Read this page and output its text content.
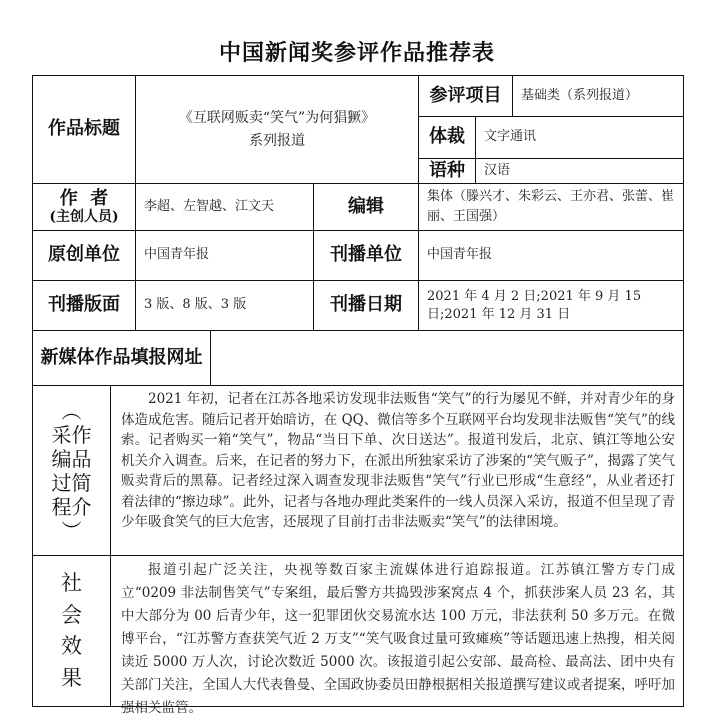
中国新闻奖参评作品推荐表
作品标题
《互联网贩卖“笑气”为何猖獗》
系列报道
参评项目	基础类（系列报道）
体裁	文字通讯
语种	汉语
作  者
(主创人员)
李超、左智越、江文天	编辑	集体（滕兴才、朱彩云、王亦君、张蕾、崔丽、王国强）
原创单位	中国青年报	刊播单位	中国青年报
刊播版面	3 版、8 版、3 版	刊播日期	2021 年 4 月 2 日;2021 年 9 月 15 日;2021 年 12 月 31 日
新媒体作品填报网址
︵
采作
编品
过简
程介
︶
2021 年初，记者在江苏各地采访发现非法贩售“笑气”的行为屡见不鲜，并对青少年的身体造成危害。随后记者开始暗访，在 QQ、微信等多个互联网平台均发现非法贩售“笑气”的线索。记者购买一箱“笑气”，物品“当日下单、次日送达”。报道刊发后，北京、镇江等地公安机关介入调查。后来，在记者的努力下，在派出所独家采访了涉案的“笑气贩子”，揭露了笑气贩卖背后的黑幕。记者经过深入调查发现非法贩售“笑气”行业已形成“生意经”，从业者还打着法律的“擦边球”。此外，记者与各地办理此类案件的一线人员深入采访，报道不但呈现了青少年吸食笑气的巨大危害，还展现了目前打击非法贩卖“笑气”的法律困境。
社
会
效
果
报道引起广泛关注，央视等数百家主流媒体进行追踪报道。江苏镇江警方专门成立“0209 非法制售笑气”专案组，最后警方共捣毁涉案窝点 4 个，抓获涉案人员 23 名，其中大部分为 00 后青少年，这一犯罪团伙交易流水达 100 万元，非法获利 50 多万元。在微博平台，“江苏警方查获笑气近 2 万支”“笑气吸食过量可致瘫痪”等话题迅速上热搜，相关阅读近 5000 万人次，讨论次数近 5000 次。该报道引起公安部、最高检、最高法、团中央有关部门关注，全国人大代表鲁曼、全国政协委员田静根据相关报道撰写建议或者提案，呼吁加强相关监管。
